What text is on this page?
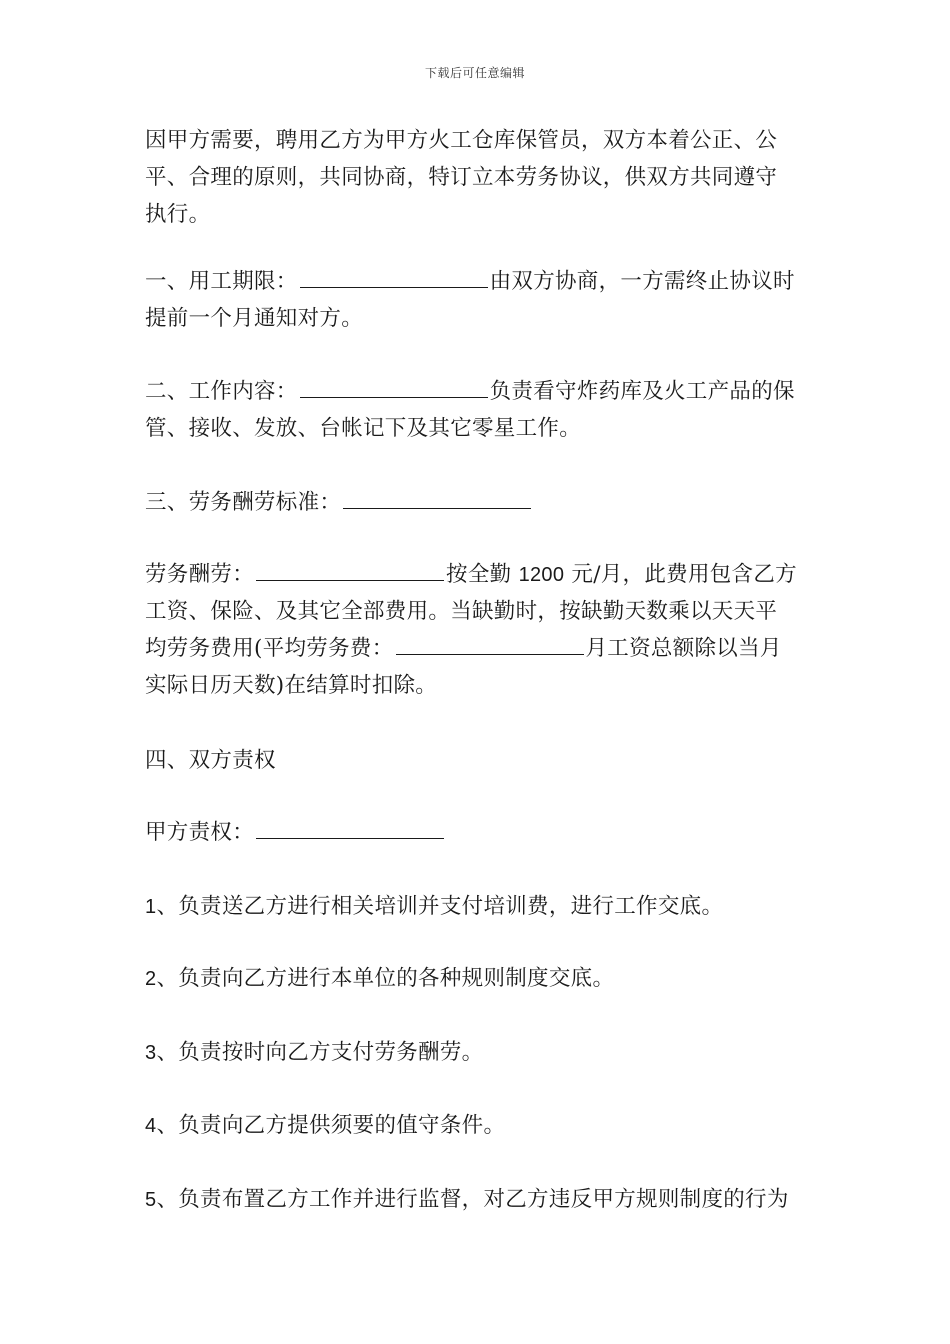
下载后可任意编辑
因甲方需要，聘用乙方为甲方火工仓库保管员，双方本着公正、公
平、合理的原则，共同协商，特订立本劳务协议，供双方共同遵守
执行。
一、用工期限：	由双方协商，一方需终止协议时
提前一个月通知对方。
二、工作内容：	负责看守炸药库及火工产品的保
管、接收、发放、台帐记下及其它零星工作。
三、劳务酬劳标准：
劳务酬劳：	按全勤 1200 元/月，此费用包含乙方
工资、保险、及其它全部费用。当缺勤时，按缺勤天数乘以天天平
均劳务费用(平均劳务费：	月工资总额除以当月
实际日历天数)在结算时扣除。
四、双方责权
甲方责权：
1、负责送乙方进行相关培训并支付培训费，进行工作交底。
2、负责向乙方进行本单位的各种规则制度交底。
3、负责按时向乙方支付劳务酬劳。
4、负责向乙方提供须要的值守条件。
5、负责布置乙方工作并进行监督，对乙方违反甲方规则制度的行为
